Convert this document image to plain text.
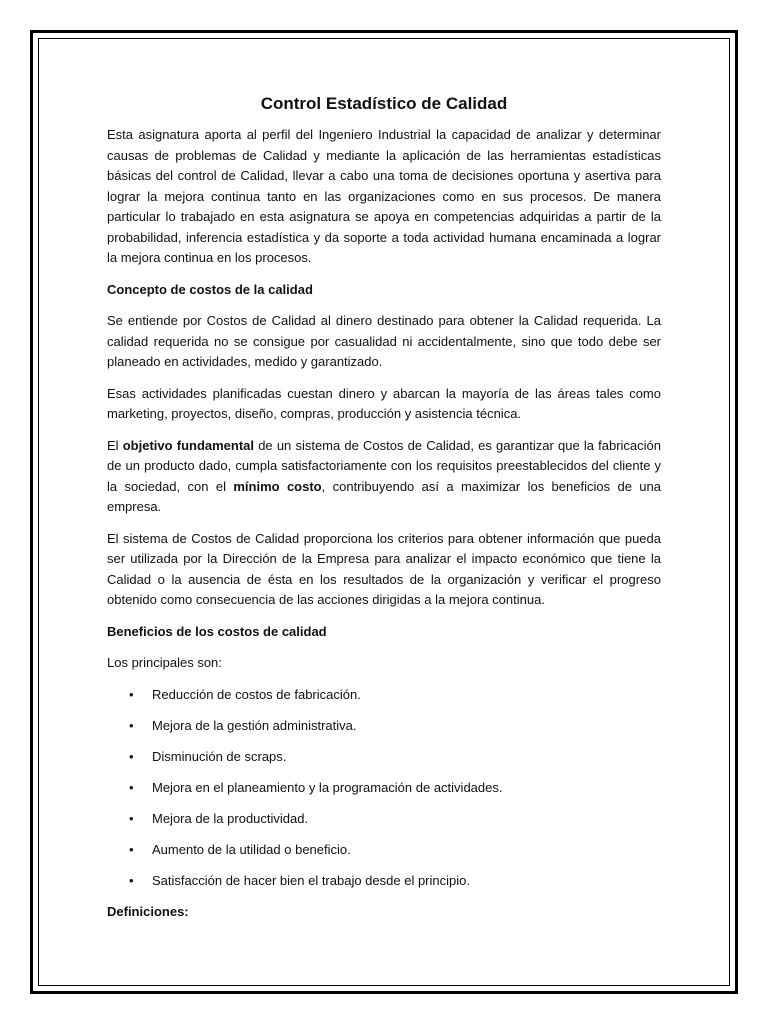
Control Estadístico de Calidad

Esta asignatura aporta al perfil del Ingeniero Industrial la capacidad de analizar y determinar causas de problemas de Calidad y mediante la aplicación de las herramientas estadísticas básicas del control de Calidad, llevar a cabo una toma de decisiones oportuna y asertiva para lograr la mejora continua tanto en las organizaciones como en sus procesos. De manera particular lo trabajado en esta asignatura se apoya en competencias adquiridas a partir de la probabilidad, inferencia estadística y da soporte a toda actividad humana encaminada a lograr la mejora continua en los procesos.

Concepto de costos de la calidad

Se entiende por Costos de Calidad al dinero destinado para obtener la Calidad requerida. La calidad requerida no se consigue por casualidad ni accidentalmente, sino que todo debe ser planeado en actividades, medido y garantizado.

Esas actividades planificadas cuestan dinero y abarcan la mayoría de las áreas tales como marketing, proyectos, diseño, compras, producción y asistencia técnica.

El objetivo fundamental de un sistema de Costos de Calidad, es garantizar que la fabricación de un producto dado, cumpla satisfactoriamente con los requisitos preestablecidos del cliente y la sociedad, con el mínimo costo, contribuyendo así a maximizar los beneficios de una empresa.

El sistema de Costos de Calidad proporciona los criterios para obtener información que pueda ser utilizada por la Dirección de la Empresa para analizar el impacto económico que tiene la Calidad o la ausencia de ésta en los resultados de la organización y verificar el progreso obtenido como consecuencia de las acciones dirigidas a la mejora continua.

Beneficios de los costos de calidad

Los principales son:

• Reducción de costos de fabricación.
• Mejora de la gestión administrativa.
• Disminución de scraps.
• Mejora en el planeamiento y la programación de actividades.
• Mejora de la productividad.
• Aumento de la utilidad o beneficio.
• Satisfacción de hacer bien el trabajo desde el principio.

Definiciones:
